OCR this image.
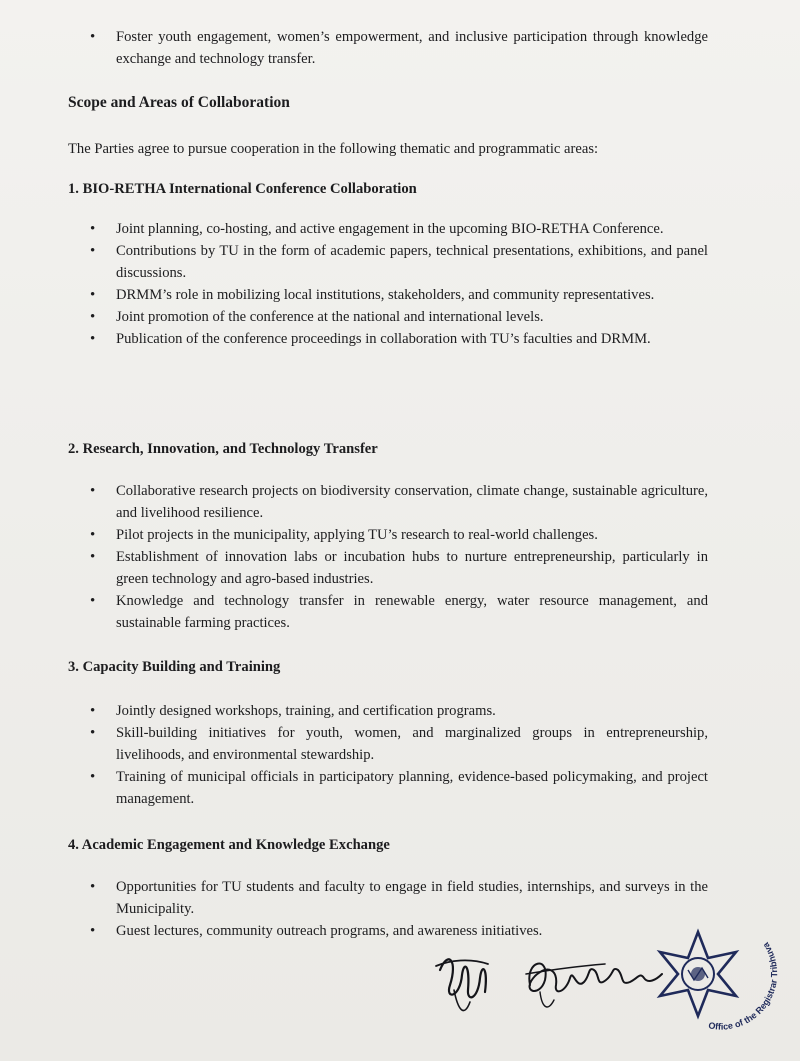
• Foster youth engagement, women’s empowerment, and inclusive participation through knowledge exchange and technology transfer.
Scope and Areas of Collaboration

The Parties agree to pursue cooperation in the following thematic and programmatic areas:

1. BIO-RETHA International Conference Collaboration
• Joint planning, co-hosting, and active engagement in the upcoming BIO-RETHA Conference.
• Contributions by TU in the form of academic papers, technical presentations, exhibitions, and panel discussions.
• DRMM’s role in mobilizing local institutions, stakeholders, and community representatives.
• Joint promotion of the conference at the national and international levels.
• Publication of the conference proceedings in collaboration with TU’s faculties and DRMM.
2. Research, Innovation, and Technology Transfer
• Collaborative research projects on biodiversity conservation, climate change, sustainable agriculture, and livelihood resilience.
• Pilot projects in the municipality, applying TU’s research to real-world challenges.
• Establishment of innovation labs or incubation hubs to nurture entrepreneurship, particularly in green technology and agro-based industries.
• Knowledge and technology transfer in renewable energy, water resource management, and sustainable farming practices.
3. Capacity Building and Training
• Jointly designed workshops, training, and certification programs.
• Skill-building initiatives for youth, women, and marginalized groups in entrepreneurship, livelihoods, and environmental stewardship.
• Training of municipal officials in participatory planning, evidence-based policymaking, and project management.
4. Academic Engagement and Knowledge Exchange
• Opportunities for TU students and faculty to engage in field studies, internships, and surveys in the Municipality.
• Guest lectures, community outreach programs, and awareness initiatives.
Office of the Registrar ibhuva
